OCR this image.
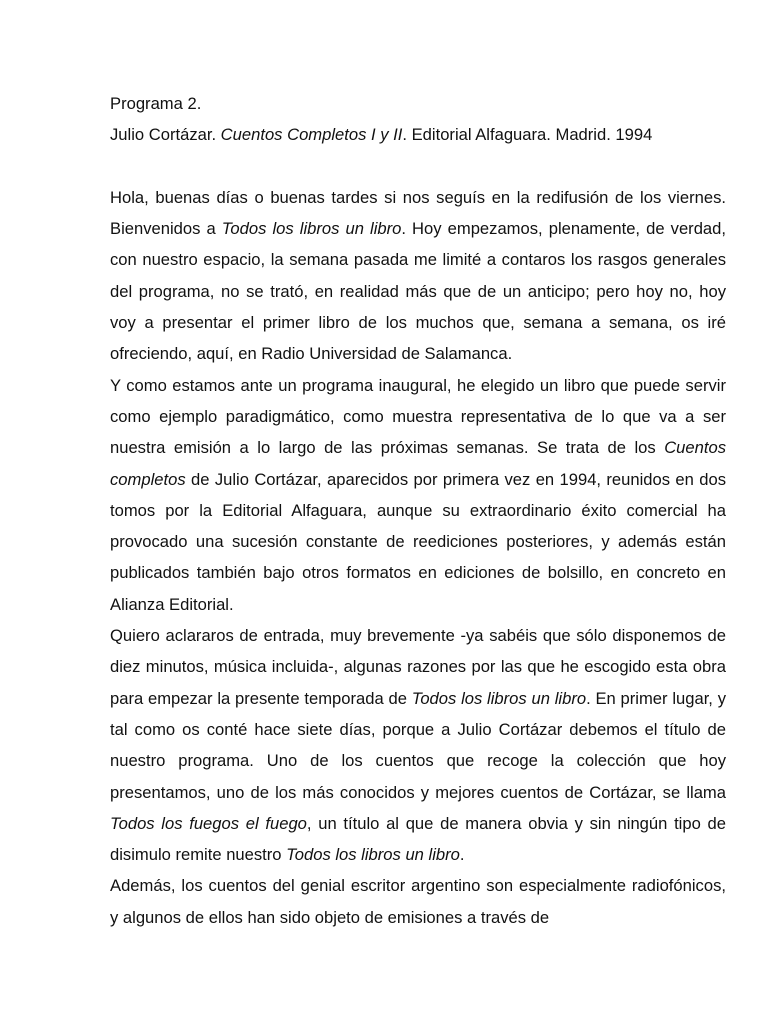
Programa 2.

Julio Cortázar. Cuentos Completos I y II. Editorial Alfaguara. Madrid. 1994

Hola, buenas días o buenas tardes si nos seguís en la redifusión de los viernes. Bienvenidos a Todos los libros un libro. Hoy empezamos, plenamente, de verdad, con nuestro espacio, la semana pasada me limité a contaros los rasgos generales del programa, no se trató, en realidad más que de un anticipo; pero hoy no, hoy voy a presentar el primer libro de los muchos que, semana a semana, os iré ofreciendo, aquí, en Radio Universidad de Salamanca.

Y como estamos ante un programa inaugural, he elegido un libro que puede servir como ejemplo paradigmático, como muestra representativa de lo que va a ser nuestra emisión a lo largo de las próximas semanas. Se trata de los Cuentos completos de Julio Cortázar, aparecidos por primera vez en 1994, reunidos en dos tomos por la Editorial Alfaguara, aunque su extraordinario éxito comercial ha provocado una sucesión constante de reediciones posteriores, y además están publicados también bajo otros formatos en ediciones de bolsillo, en concreto en Alianza Editorial.

Quiero aclararos de entrada, muy brevemente -ya sabéis que sólo disponemos de diez minutos, música incluida-, algunas razones por las que he escogido esta obra para empezar la presente temporada de Todos los libros un libro. En primer lugar, y tal como os conté hace siete días, porque a Julio Cortázar debemos el título de nuestro programa. Uno de los cuentos que recoge la colección que hoy presentamos, uno de los más conocidos y mejores cuentos de Cortázar, se llama Todos los fuegos el fuego, un título al que de manera obvia y sin ningún tipo de disimulo remite nuestro Todos los libros un libro.

Además, los cuentos del genial escritor argentino son especialmente radiofónicos, y algunos de ellos han sido objeto de emisiones a través de
